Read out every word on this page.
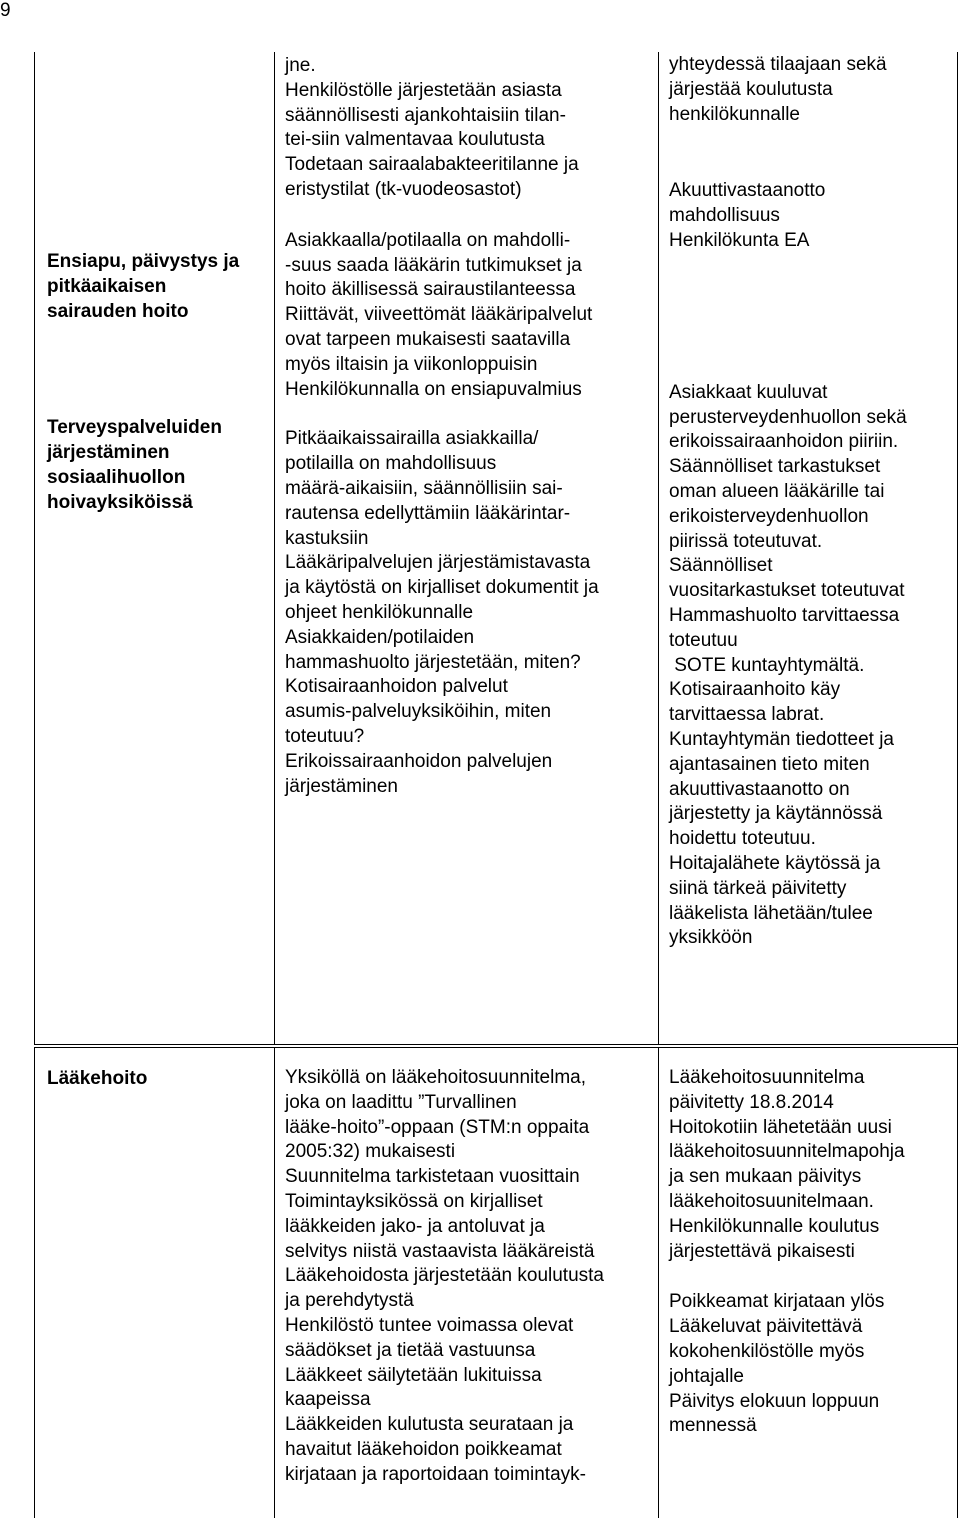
9
Ensiapu, päivystys ja
pitkäaikaisen
sairauden hoito
Terveyspalveluiden
järjestäminen
sosiaalihuollon
hoivayksiköissä
jne.
Henkilöstölle järjestetään asiasta
säännöllisesti ajankohtaisiin tilan-
tei-siin valmentavaa koulutusta
Todetaan sairaalabakteeritilanne ja
eristystilat (tk-vuodeosastot)
Asiakkaalla/potilaalla on mahdolli-
-suus saada lääkärin tutkimukset ja
hoito äkillisessä sairaustilanteessa
Riittävät, viiveettömät lääkäripalvelut
ovat tarpeen mukaisesti saatavilla
myös iltaisin ja viikonloppuisin
Henkilökunnalla on ensiapuvalmius
Pitkäaikaissairailla asiakkailla/
potilailla on mahdollisuus
määrä-aikaisiin, säännöllisiin sai-
rautensa edellyttämiin lääkärintar-
kastuksiin
Lääkäripalvelujen järjestämistavasta
ja käytöstä on kirjalliset dokumentit ja
ohjeet henkilökunnalle
Asiakkaiden/potilaiden
hammashuolto järjestetään, miten?
Kotisairaanhoidon palvelut
asumis-palveluyksiköihin, miten
toteutuu?
Erikoissairaanhoidon palvelujen
järjestäminen
yhteydessä tilaajaan sekä
järjestää koulutusta
henkilökunnalle
Akuuttivastaanotto
mahdollisuus
Henkilökunta EA
Asiakkaat kuuluvat
perusterveydenhuollon sekä
erikoissairaanhoidon piiriin.
Säännölliset tarkastukset
oman alueen lääkärille tai
erikoisterveydenhuollon
piirissä toteutuvat.
Säännölliset
vuositarkastukset toteutuvat
Hammashuolto tarvittaessa
toteutuu
SOTE kuntayhtymältä.
Kotisairaanhoito käy
tarvittaessa labrat.
Kuntayhtymän tiedotteet ja
ajantasainen tieto miten
akuuttivastaanotto on
järjestetty ja käytännössä
hoidettu toteutuu.
Hoitajalähete käytössä ja
siinä tärkeä päivitetty
lääkelista lähetään/tulee
yksikköön
Lääkehoito	Yksiköllä on lääkehoitosuunnitelma,
joka on laadittu ”Turvallinen
lääke-hoito”-oppaan (STM:n oppaita
2005:32) mukaisesti
Suunnitelma tarkistetaan vuosittain
Toimintayksikössä on kirjalliset
lääkkeiden jako- ja antoluvat ja
selvitys niistä vastaavista lääkäreistä
Lääkehoidosta järjestetään koulutusta
ja perehdytystä
Henkilöstö tuntee voimassa olevat
säädökset ja tietää vastuunsa
Lääkkeet säilytetään lukituissa
kaapeissa
Lääkkeiden kulutusta seurataan ja
havaitut lääkehoidon poikkeamat
kirjataan ja raportoidaan toimintayk-
Lääkehoitosuunnitelma
päivitetty 18.8.2014
Hoitokotiin lähetetään uusi
lääkehoitosuunnitelmapohja
ja sen mukaan päivitys
lääkehoitosuunitelmaan.
Henkilökunnalle koulutus
järjestettävä pikaisesti
Poikkeamat kirjataan ylös
Lääkeluvat päivitettävä
kokohenkilöstölle myös
johtajalle
Päivitys elokuun loppuun
mennessä
